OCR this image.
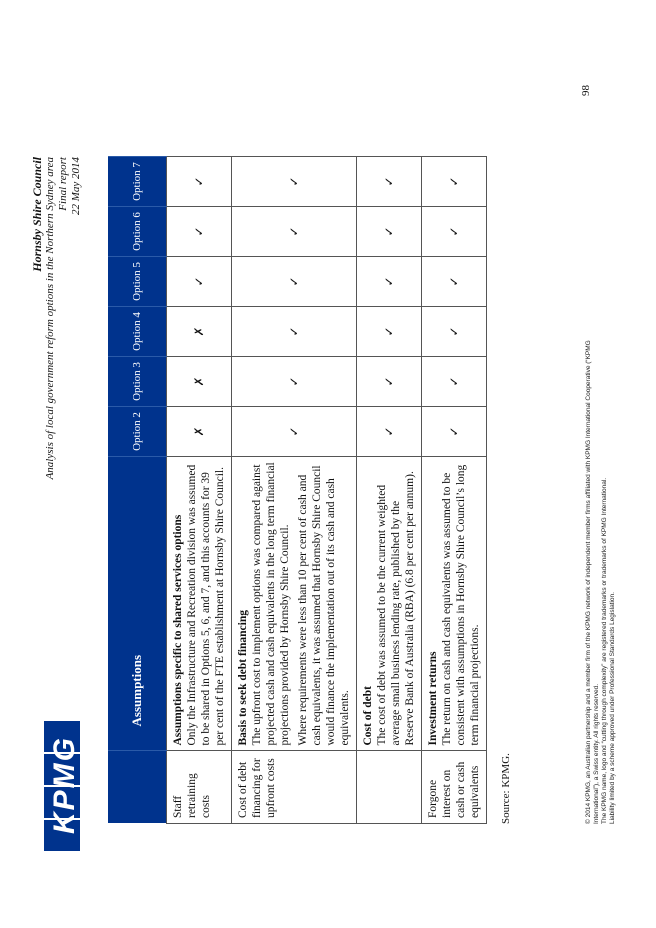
KPMG
Hornsby Shire Council Analysis of local government reform options in the Northern Sydney area Final report 22 May 2014
	Assumptions	Option 2	Option 3	Option 4	Option 5	Option 6	Option 7
Staff retraining costs	Assumptions specific to shared services options Only the Infrastructure and Recreation division was assumed to be shared in Options 5, 6, and 7, and this accounts for 39 per cent of the FTE establishment at Hornsby Shire Council.	✗	✗	✗	✓	✓	✓
Cost of debt financing for upfront costs	Basis to seek debt financing The upfront cost to implement options was compared against projected cash and cash equivalents in the long term financial projections provided by Hornsby Shire Council. Where requirements were less than 10 per cent of cash and cash equivalents, it was assumed that Hornsby Shire Council would finance the implementation out of its cash and cash equivalents.	✓	✓	✓	✓	✓	✓

	Cost of debt The cost of debt was assumed to be the current weighted average small business lending rate, published by the Reserve Bank of Australia (RBA) (6.8 per cent per annum).	✓	✓	✓	✓	✓	✓
Forgone interest on cash or cash equivalents	Investment returns The return on cash and cash equivalents was assumed to be consistent with assumptions in Hornsby Shire Council’s long term financial projections.	✓	✓	✓	✓	✓	✓
Source: KPMG.
98
© 2014 KPMG, an Australian partnership and a member firm of the KPMG network of independent member firms affiliated with KPMG International Cooperative (“KPMG International”), a Swiss entity. All rights reserved. The KPMG name, logo and “cutting through complexity” are registered trademarks or trademarks of KPMG International. Liability limited by a scheme approved under Professional Standards Legislation.
